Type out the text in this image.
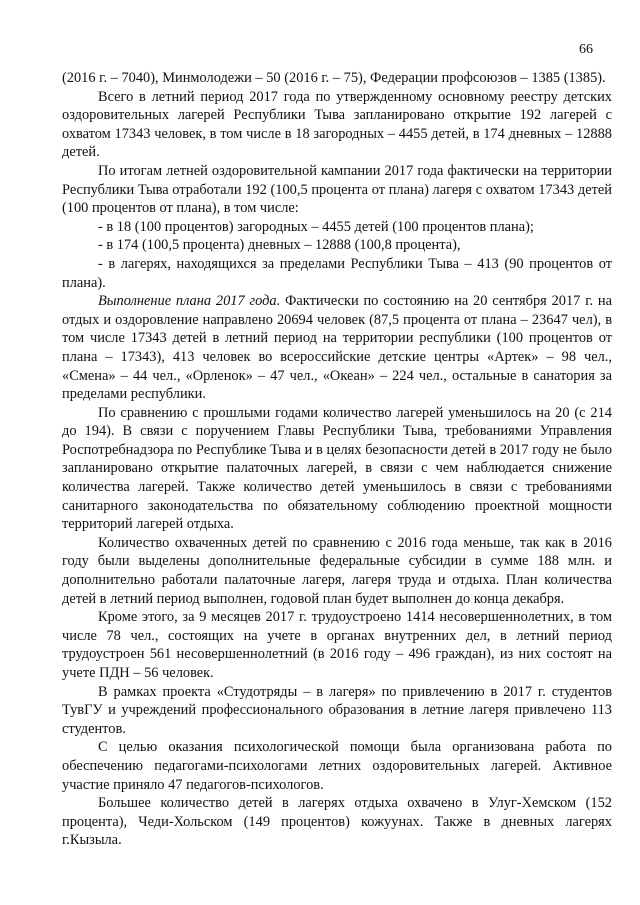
66

(2016 г. – 7040), Минмолодежи – 50 (2016 г. – 75), Федерации профсоюзов – 1385 (1385).

Всего в летний период 2017 года по утвержденному основному реестру детских оздоровительных лагерей Республики Тыва запланировано открытие 192 лагерей с охватом 17343 человек, в том числе в 18 загородных – 4455 детей, в 174 дневных – 12888 детей.

По итогам летней оздоровительной кампании 2017 года фактически на территории Республики Тыва отработали 192 (100,5 процента от плана) лагеря с охватом 17343 детей (100 процентов от плана), в том числе:

- в 18 (100 процентов) загородных – 4455 детей (100 процентов плана);

- в 174 (100,5 процента) дневных – 12888 (100,8 процента),

- в лагерях, находящихся за пределами Республики Тыва – 413 (90 процентов от плана).

Выполнение плана 2017 года. Фактически по состоянию на 20 сентября 2017 г. на отдых и оздоровление направлено 20694 человек (87,5 процента от плана – 23647 чел), в том числе 17343 детей в летний период на территории республики (100 процентов от плана – 17343), 413 человек во всероссийские детские центры «Артек» – 98 чел., «Смена» – 44 чел., «Орленок» – 47 чел., «Океан» – 224 чел., остальные в санатория за пределами республики.

По сравнению с прошлыми годами количество лагерей уменьшилось на 20 (с 214 до 194). В связи с поручением Главы Республики Тыва, требованиями Управления Роспотребнадзора по Республике Тыва и в целях безопасности детей в 2017 году не было запланировано открытие палаточных лагерей, в связи с чем наблюдается снижение количества лагерей. Также количество детей уменьшилось в связи с требованиями санитарного законодательства по обязательному соблюдению проектной мощности территорий лагерей отдыха.

Количество охваченных детей по сравнению с 2016 года меньше, так как в 2016 году были выделены дополнительные федеральные субсидии в сумме 188 млн. и дополнительно работали палаточные лагеря, лагеря труда и отдыха. План количества детей в летний период выполнен, годовой план будет выполнен до конца декабря.

Кроме этого, за 9 месяцев 2017 г. трудоустроено 1414 несовершеннолетних, в том числе 78 чел., состоящих на учете в органах внутренних дел, в летний период трудоустроен 561 несовершеннолетний (в 2016 году – 496 граждан), из них состоят на учете ПДН – 56 человек.

В рамках проекта «Студотряды – в лагеря» по привлечению в 2017 г. студентов ТувГУ и учреждений профессионального образования в летние лагеря привлечено 113 студентов.

С целью оказания психологической помощи была организована работа по обеспечению педагогами-психологами летних оздоровительных лагерей. Активное участие приняло 47 педагогов-психологов.

Большее количество детей в лагерях отдыха охвачено в Улуг-Хемском (152 процента), Чеди-Хольском (149 процентов) кожуунах. Также в дневных лагерях г.Кызыла.
